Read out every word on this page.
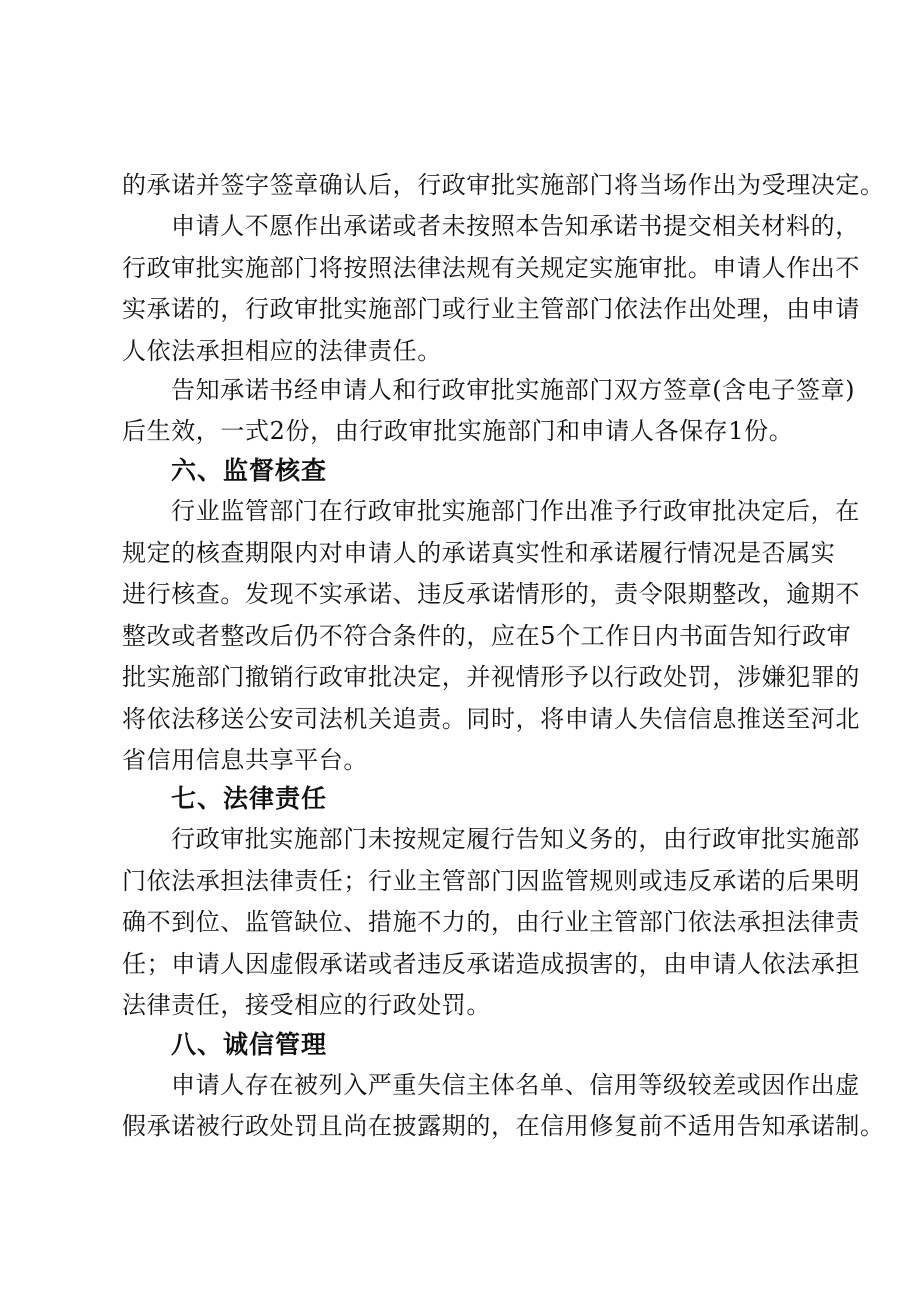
的承诺并签字签章确认后，行政审批实施部门将当场作出为受理决定。
申请人不愿作出承诺或者未按照本告知承诺书提交相关材料的，
行政审批实施部门将按照法律法规有关规定实施审批。申请人作出不
实承诺的，行政审批实施部门或行业主管部门依法作出处理，由申请
人依法承担相应的法律责任。
告知承诺书经申请人和行政审批实施部门双方签章(含电子签章)
后生效，一式2份，由行政审批实施部门和申请人各保存1份。
六、监督核查
行业监管部门在行政审批实施部门作出准予行政审批决定后，在
规定的核查期限内对申请人的承诺真实性和承诺履行情况是否属实
进行核查。发现不实承诺、违反承诺情形的，责令限期整改，逾期不
整改或者整改后仍不符合条件的，应在5个工作日内书面告知行政审
批实施部门撤销行政审批决定，并视情形予以行政处罚，涉嫌犯罪的
将依法移送公安司法机关追责。同时，将申请人失信信息推送至河北
省信用信息共享平台。
七、法律责任
行政审批实施部门未按规定履行告知义务的，由行政审批实施部
门依法承担法律责任；行业主管部门因监管规则或违反承诺的后果明
确不到位、监管缺位、措施不力的，由行业主管部门依法承担法律责
任；申请人因虚假承诺或者违反承诺造成损害的，由申请人依法承担
法律责任，接受相应的行政处罚。
八、诚信管理
申请人存在被列入严重失信主体名单、信用等级较差或因作出虚
假承诺被行政处罚且尚在披露期的，在信用修复前不适用告知承诺制。
